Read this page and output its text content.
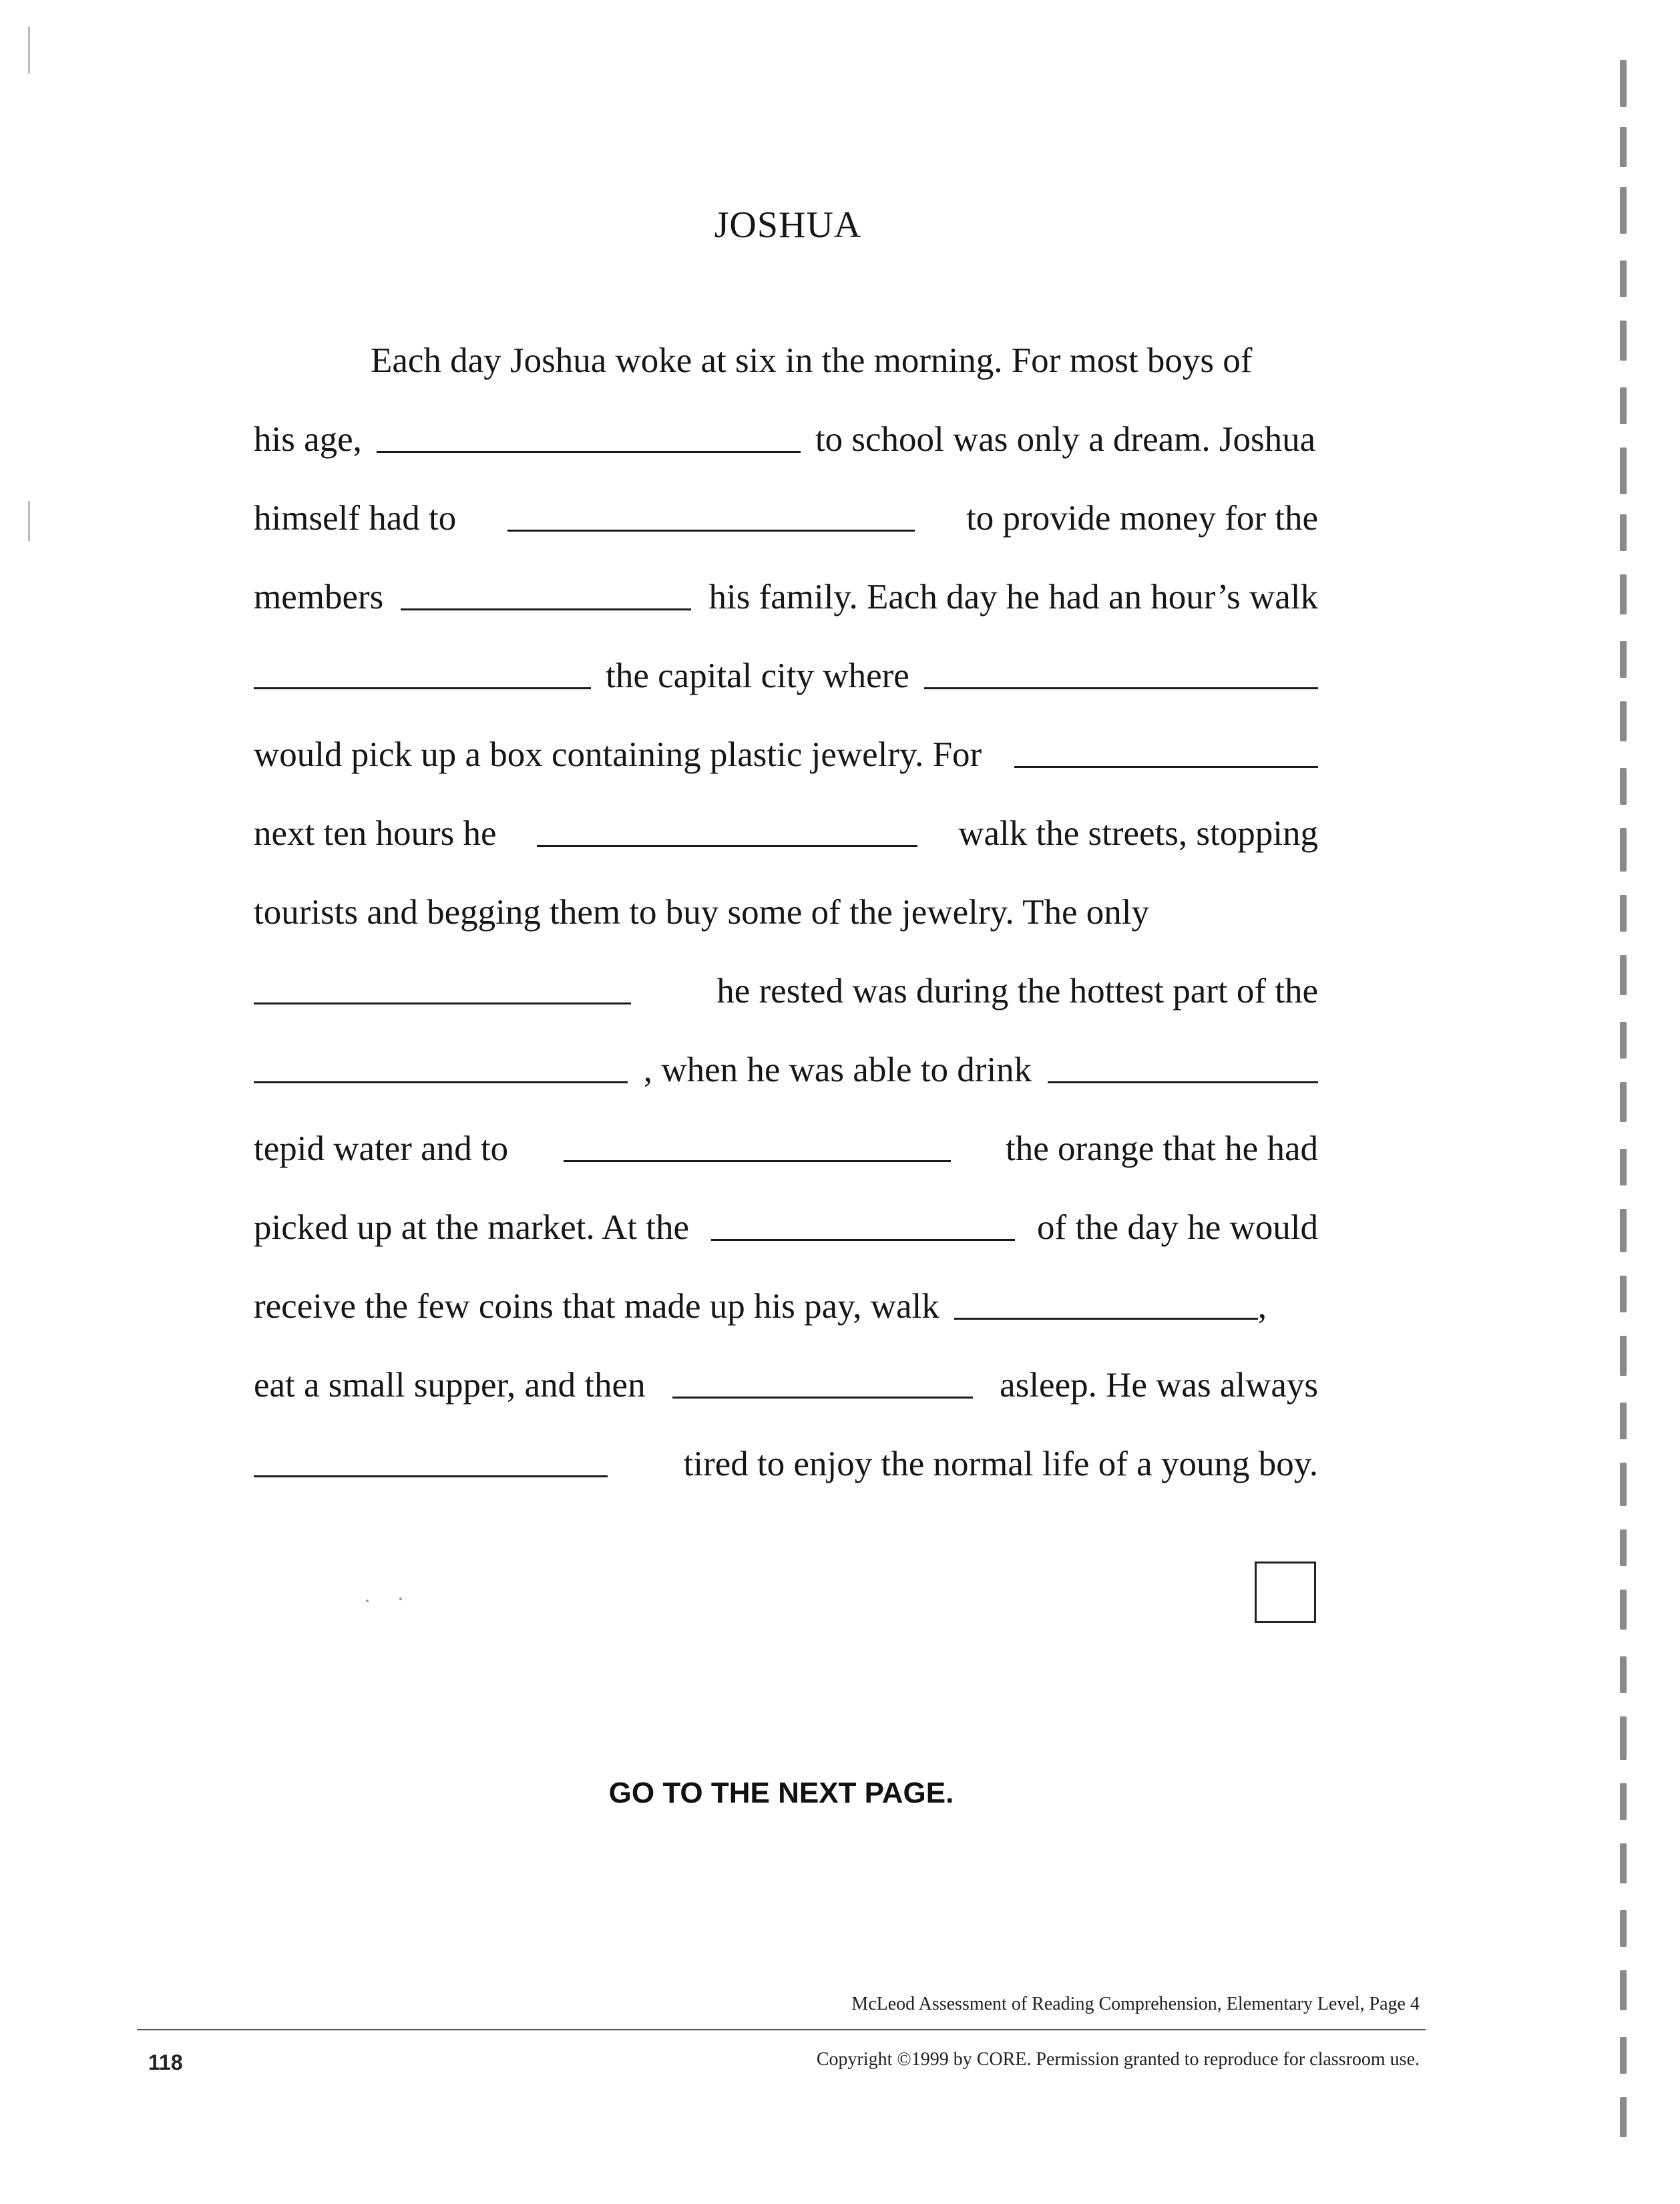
JOSHUA
Each day Joshua woke at six in the morning. For most boys of
his age,	to school was only a dream. Joshua
himself had to	to provide money for the
members	his family. Each day he had an hour’s walk
the capital city where
would pick up a box containing plastic jewelry. For
next ten hours he	walk the streets, stopping
tourists and begging them to buy some of the jewelry. The only
he rested was during the hottest part of the
, when he was able to drink
tepid water and to	the orange that he had
picked up at the market. At the	of the day he would
receive the few coins that made up his pay, walk	,
eat a small supper, and then	asleep. He was always
tired to enjoy the normal life of a young boy.
GO TO THE NEXT PAGE.
McLeod Assessment of Reading Comprehension, Elementary Level, Page 4
118	Copyright ©1999 by CORE. Permission granted to reproduce for classroom use.
